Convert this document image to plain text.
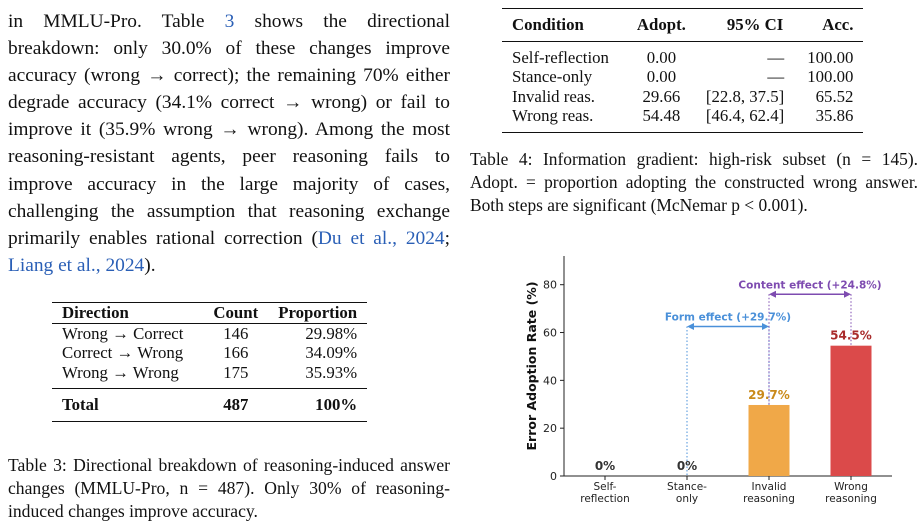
in MMLU-Pro. Table 3 shows the directional breakdown: only 30.0% of these changes improve accuracy (wrong → correct); the remaining 70% either degrade accuracy (34.1% correct → wrong) or fail to improve it (35.9% wrong → wrong). Among the most reasoning-resistant agents, peer reasoning fails to improve accuracy in the large majority of cases, challenging the assumption that reasoning exchange primarily enables rational correction (Du et al., 2024; Liang et al., 2024).

Direction	Count	Proportion
Wrong → Correct	146	29.98%
Correct → Wrong	166	34.09%
Wrong → Wrong	175	35.93%
Total	487	100%

Table 3: Directional breakdown of reasoning-induced answer changes (MMLU-Pro, n = 487). Only 30% of reasoning-induced changes improve accuracy.

Condition	Adopt.	95% CI	Acc.
Self-reflection	0.00	—	100.00
Stance-only	0.00	—	100.00
Invalid reas.	29.66	[22.8, 37.5]	65.52
Wrong reas.	54.48	[46.4, 62.4]	35.86

Table 4: Information gradient: high-risk subset (n = 145). Adopt. = proportion adopting the constructed wrong answer. Both steps are significant (McNemar p < 0.001).

0
20
40
60
80
Error Adoption Rate (%)	Form effect (+29.7%)
Content effect (+24.8%)
0%	0%
29.7%
54.5%
Self-reflection
Stance-only
Invalid reasoning
Wrong reasoning
